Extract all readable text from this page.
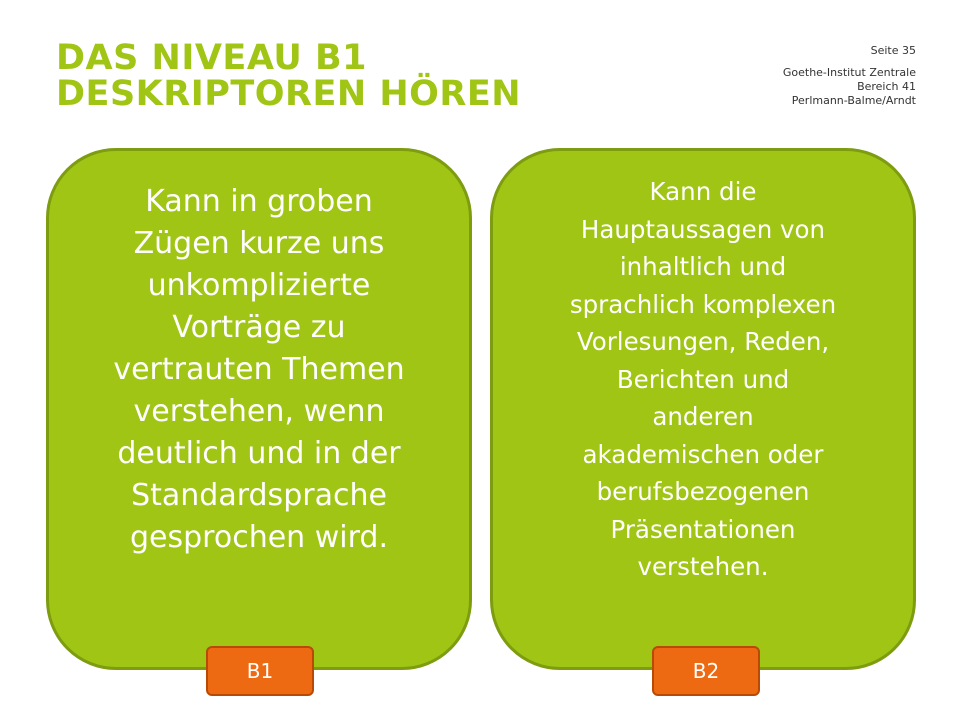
DAS NIVEAU B1
DESKRIPTOREN HÖREN
Seite 35
Goethe-Institut Zentrale
Bereich 41
Perlmann-Balme/Arndt
Kann in groben
Zügen kurze uns
unkomplizierte
Vorträge zu
vertrauten Themen
verstehen, wenn
deutlich und in der
Standardsprache
gesprochen wird.
Kann die
Hauptaussagen von
inhaltlich und
sprachlich komplexen
Vorlesungen, Reden,
Berichten und
anderen
akademischen oder
berufsbezogenen
Präsentationen
verstehen.
B1	B2
